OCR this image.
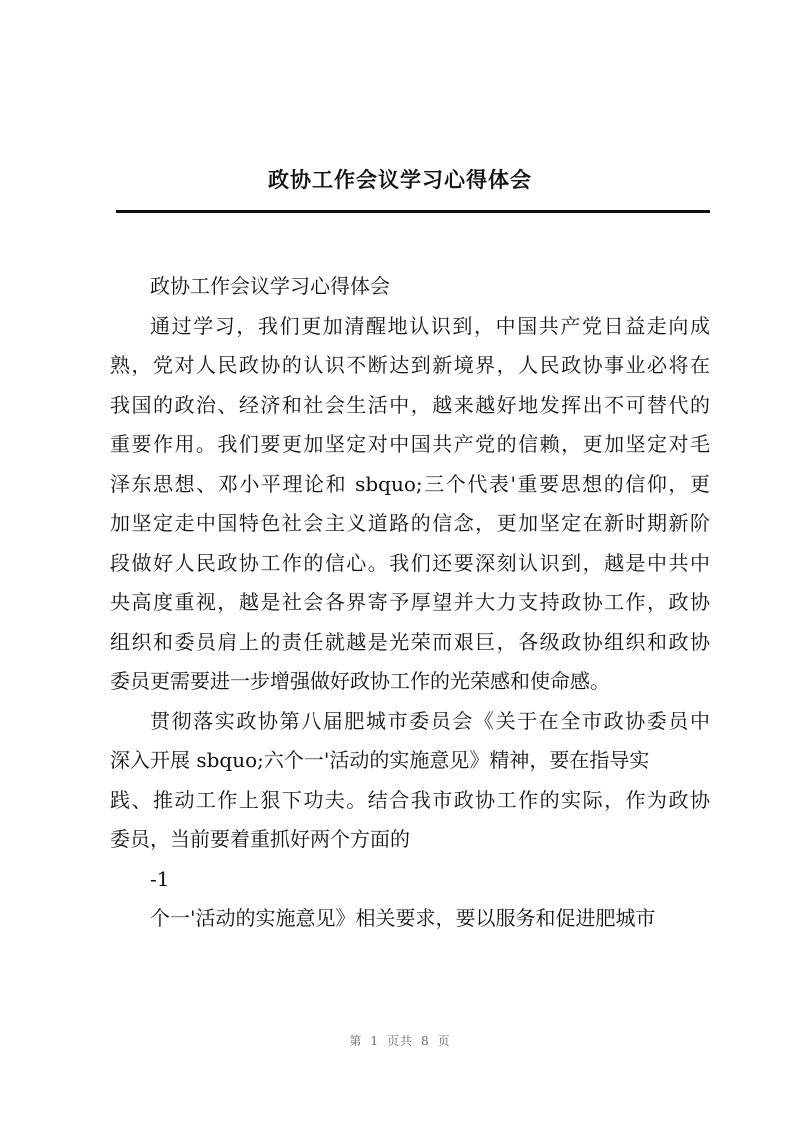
政协工作会议学习心得体会
政协工作会议学习心得体会
通过学习，我们更加清醒地认识到，中国共产党日益走向成
熟，党对人民政协的认识不断达到新境界，人民政协事业必将在
我国的政治、经济和社会生活中，越来越好地发挥出不可替代的
重要作用。我们要更加坚定对中国共产党的信赖，更加坚定对毛
泽东思想、邓小平理论和 sbquo;三个代表'重要思想的信仰，更
加坚定走中国特色社会主义道路的信念，更加坚定在新时期新阶
段做好人民政协工作的信心。我们还要深刻认识到，越是中共中
央高度重视，越是社会各界寄予厚望并大力支持政协工作，政协
组织和委员肩上的责任就越是光荣而艰巨，各级政协组织和政协
委员更需要进一步增强做好政协工作的光荣感和使命感。
贯彻落实政协第八届肥城市委员会《关于在全市政协委员中
深入开展 sbquo;六个一'活动的实施意见》精神，要在指导实
践、推动工作上狠下功夫。结合我市政协工作的实际，作为政协
委员，当前要着重抓好两个方面的
-1
个一'活动的实施意见》相关要求，要以服务和促进肥城市
第 1 页共 8 页
